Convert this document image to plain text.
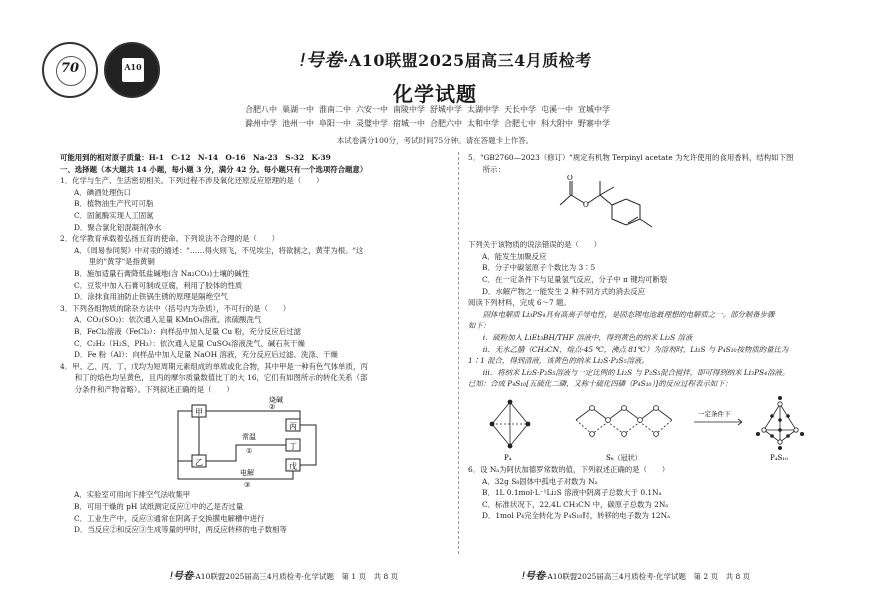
70	A10	ǃ号卷·A10联盟2025届高三4月质检考
化学试题
合肥八中 巢湖一中 淮南二中 六安一中 南陵中学 舒城中学 太湖中学 天长中学 屯溪一中 宣城中学
滁州中学 池州一中 阜阳一中 灵璧中学 宿城一中 合肥六中 太和中学 合肥七中 科大附中 野寨中学
本试卷满分100分，考试时间75分钟。请在答题卡上作答。
可能用到的相对原子质量：H-1　C-12　N-14　O-16　Na-23　S-32　K-39
一、选择题（本大题共 14 小题，每小题 3 分，满分 42 分。每小题只有一个选项符合题意）
1．化学与生产、生活密切相关。下列过程不涉及氧化还原反应原理的是（　　）
A．碘酒处理伤口
B．植物油生产代可可脂
C．固氮酶实现人工固氮
D．聚合氯化铝混凝剂净水
2．化学教育承载着弘扬五育的使命。下列说法不合理的是（　　）
A．《周易参同契》中对汞的描述："……得火则飞，不见埃尘，将欲制之，黄芽为根。"这
　　里的"黄芽"是指黄铜
B．施加适量石膏降低盐碱地(含 Na₂CO₃)土壤的碱性
C．豆浆中加入石膏可制成豆腐，利用了胶体的性质
D．涂抹食用油防止铁锅生锈的原理是隔绝空气
3．下列各组物质的除杂方法中（括号内为杂质），不可行的是（　　）
A．CO₂(SO₂)：依次通入足量 KMnO₄溶液、浓硫酸洗气
B．FeCl₂溶液（FeCl₃）：向样品中加入足量 Cu 粉，充分反应后过滤
C．C₂H₂（H₂S、PH₃）：依次通入足量 CuSO₄溶液洗气、碱石灰干燥
D．Fe 粉（Al）：向样品中加入足量 NaOH 溶液，充分反应后过滤、洗涤、干燥
4．甲、乙、丙、丁、戊均为短周期元素组成的单质或化合物，其中甲是一种有色气体单质，丙
　　和丁的焰色均呈黄色，且丙的摩尔质量数值比丁的大 16，它们有如图所示的转化关系（部
　　分条件和产物省略）。下列叙述正确的是（　　）
烧碱
②
常温
①
电解
③
甲
乙
丙
丁
戊
A．实验室可用向下排空气法收集甲
B．可用干燥的 pH 试纸测定反应①中的乙是否过量
C．工业生产中，反应③通常在阴离子交换膜电解槽中进行
D．当反应②和反应③生成等量的甲时，两反应转移的电子数相等
5．"GB2760—2023（修订）"规定有机物 Terpinyl acetate 为允许使用的食用香料，结构如下图
　　所示：
O
O
下列关于该物质的说法错误的是（　　）
A．能发生加聚反应
B．分子中碳氢原子个数比为 3∶5
C．在一定条件下与足量氢气反应，分子中 π 键均可断裂
D．水解产物之一能发生 2 种不同方式的消去反应
阅读下列材料，完成 6～7 题。
　　固体电解质 Li₃PS₄具有高离子导电性，是固态锂电池最理想的电解质之一。部分制备步骤
如下：
　　i．硫粉加入 LiEt₃BH/THF 溶液中，得到黄色的纳米 Li₂S 溶液
　　ii．无水乙腈（CH₃CN，熔点-45 ℃，沸点 81℃）为溶剂时，Li₂S 与 P₄S₁₀按物质的量比为
1∶1 混合，得到清液，该黄色的纳米 Li₂S·P₂S₅溶液。
　　iii．将纳米 Li₂S·P₂S₅溶液与一定比例的 Li₂S 与 P₂S₅混合搅拌，即可得到纳米 Li₃PS₄溶液。
已知：合成 P₄S₁₀[五硫化二磷，又称十硫化四磷（P₄S₁₀）]的反应过程表示如下：
一定条件下
P₄	S₈（冠状）	P₄S₁₀
6．设 Nₐ为阿伏加德罗常数的值，下列叙述正确的是（　　）
A．32g S₈固体中孤电子对数为 Nₐ
B．1L 0.1mol·L⁻¹Li₂S 溶液中阴离子总数大于 0.1Nₐ
C．标准状况下，22.4L CH₃CN 中，碳原子总数为 2Nₐ
D．1mol P₄完全转化为 P₄S₁₀时，转移的电子数为 12Nₐ
ǃ号卷·A10联盟2025届高三4月质检考·化学试题　第 1 页　共 8 页	ǃ号卷·A10联盟2025届高三4月质检考·化学试题　第 2 页　共 8 页
